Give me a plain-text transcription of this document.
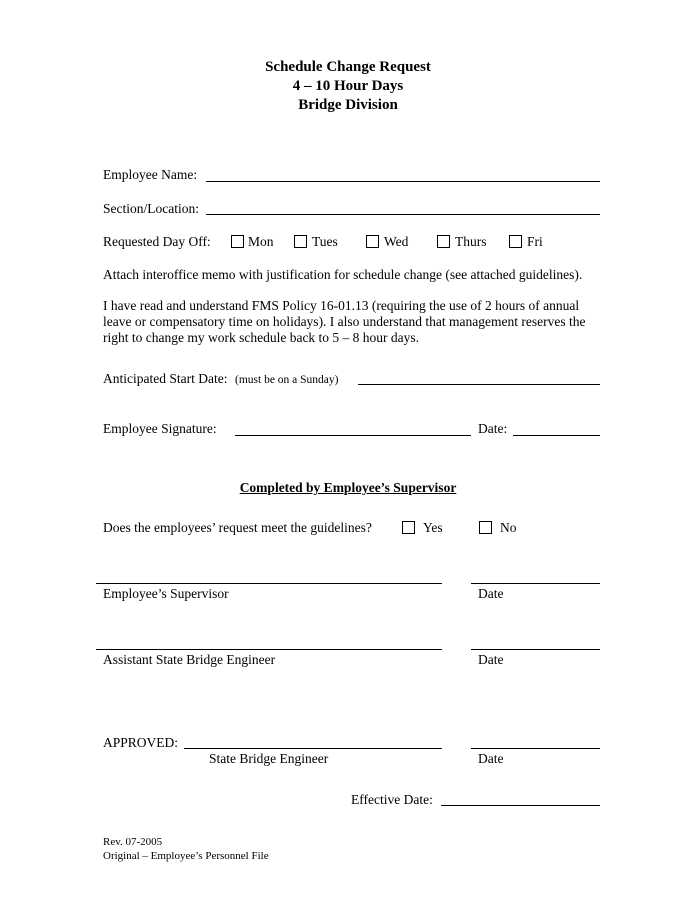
Schedule Change Request
4 – 10 Hour Days
Bridge Division
Employee Name:
Section/Location:
Requested Day Off:	Mon	Tues	Wed	Thurs	Fri
Attach interoffice memo with justification for schedule change (see attached guidelines).
I have read and understand FMS Policy 16-01.13 (requiring the use of 2 hours of annual
leave or compensatory time on holidays). I also understand that management reserves the
right to change my work schedule back to 5 – 8 hour days.
Anticipated Start Date: (must be on a Sunday)
Employee Signature:	Date:
Completed by Employee’s Supervisor
Does the employees’ request meet the guidelines?	Yes	No
Employee’s Supervisor	Date
Assistant State Bridge Engineer	Date
APPROVED:
State Bridge Engineer	Date
Effective Date:
Rev. 07-2005
Original – Employee’s Personnel File
